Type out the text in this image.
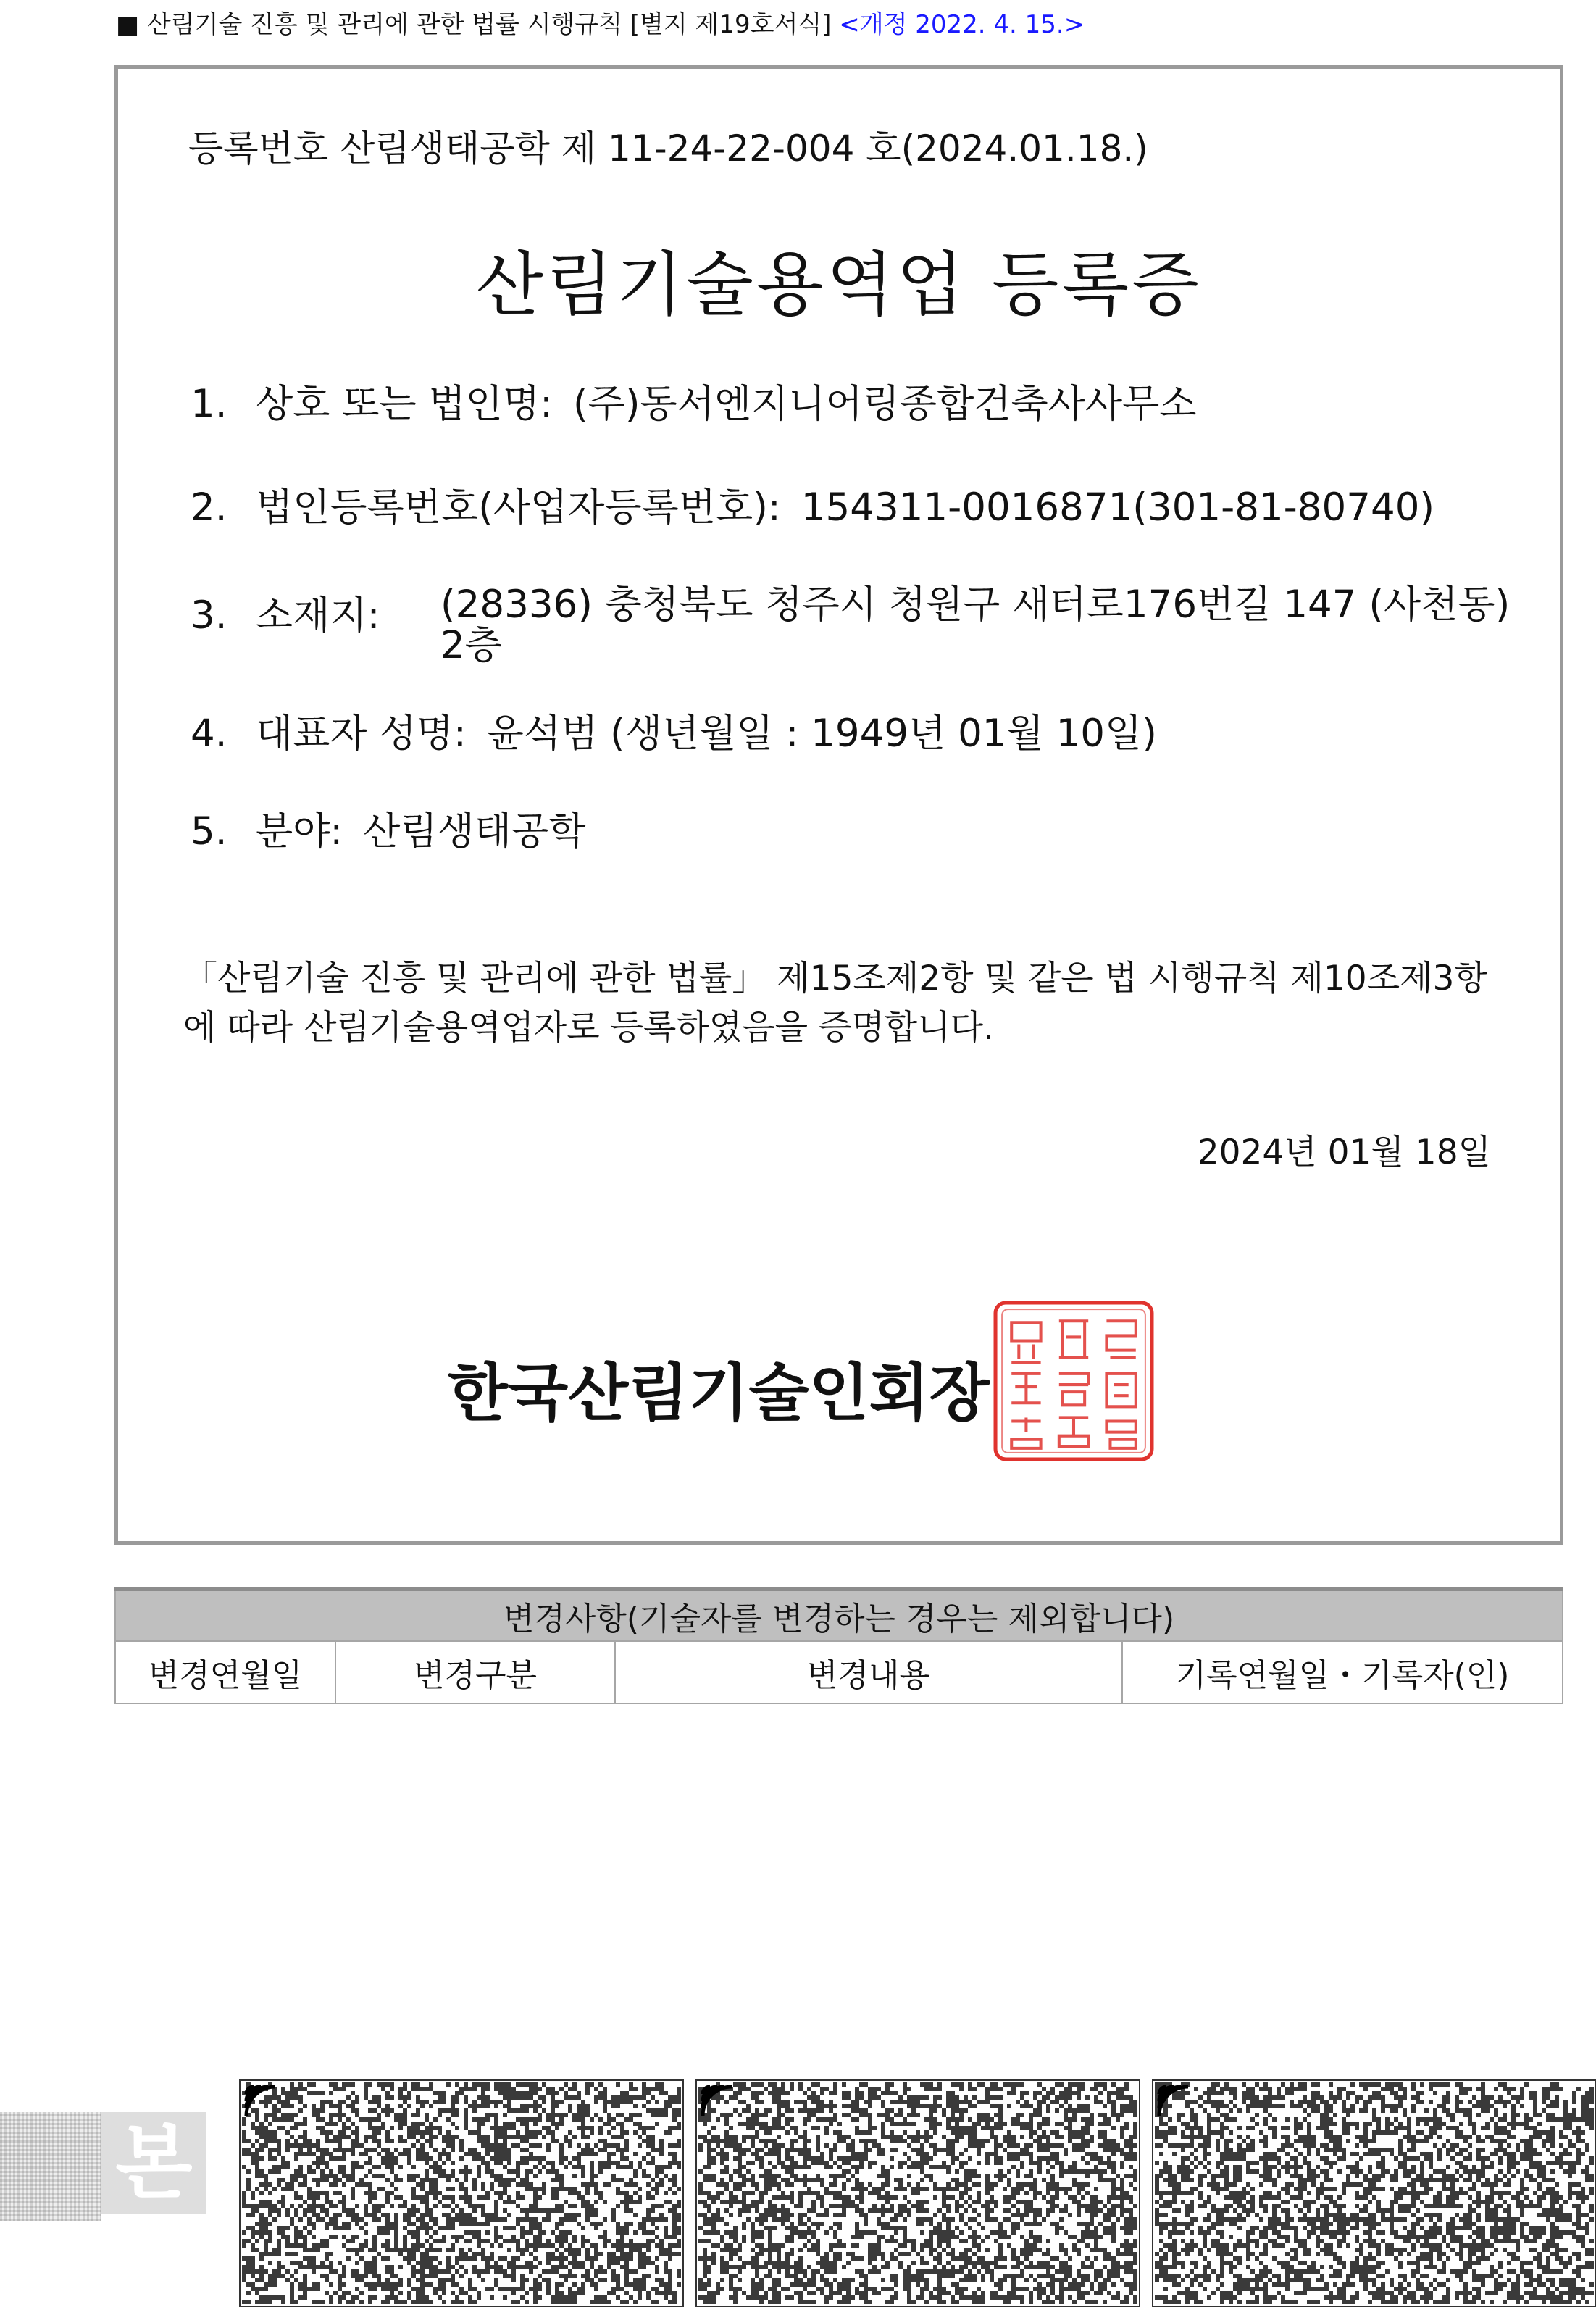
■ 산림기술 진흥 및 관리에 관한 법률 시행규칙 [별지 제19호서식] <개정 2022. 4. 15.>
등록번호 산림생태공학 제 11-24-22-004 호(2024.01.18.)
산림기술용역업 등록증
1. 상호 또는 법인명: (주)동서엔지니어링종합건축사사무소
2. 법인등록번호(사업자등록번호): 154311-0016871(301-81-80740)
3. 소재지: (28336) 충청북도 청주시 청원구 새터로176번길 147 (사천동) 2층
4. 대표자 성명: 윤석범 (생년월일 : 1949년 01월 10일)
5. 분야: 산림생태공학
「산림기술 진흥 및 관리에 관한 법률」 제15조제2항 및 같은 법 시행규칙 제10조제3항에 따라 산림기술용역업자로 등록하였음을 증명합니다.
2024년 01월 18일
한국산림기술인회장
변경사항(기술자를 변경하는 경우는 제외합니다)
변경연월일	변경구분	변경내용	기록연월일・기록자(인)
본
